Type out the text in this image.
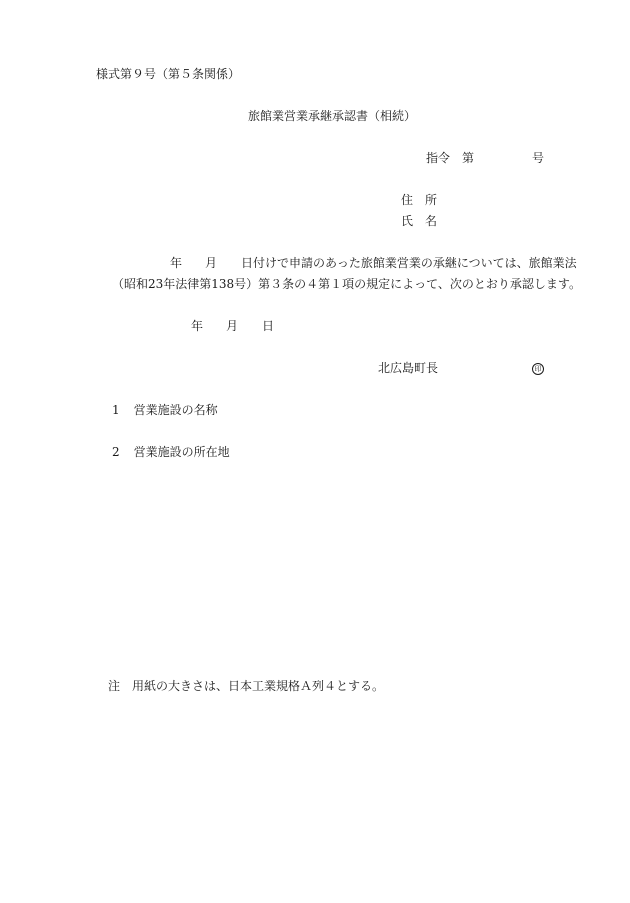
様式第９号（第５条関係）
旅館業営業承継承認書（相続）
指令 第	号
住　所
氏　名
年 月 日付けで申請のあった旅館業営業の承継については、旅館業法
（昭和23年法律第138号）第３条の４第１項の規定によって、次のとおり承認します。
年 月 日
北広島町長	印
1 営業施設の名称
2 営業施設の所在地
注 用紙の大きさは、日本工業規格Ａ列４とする。
